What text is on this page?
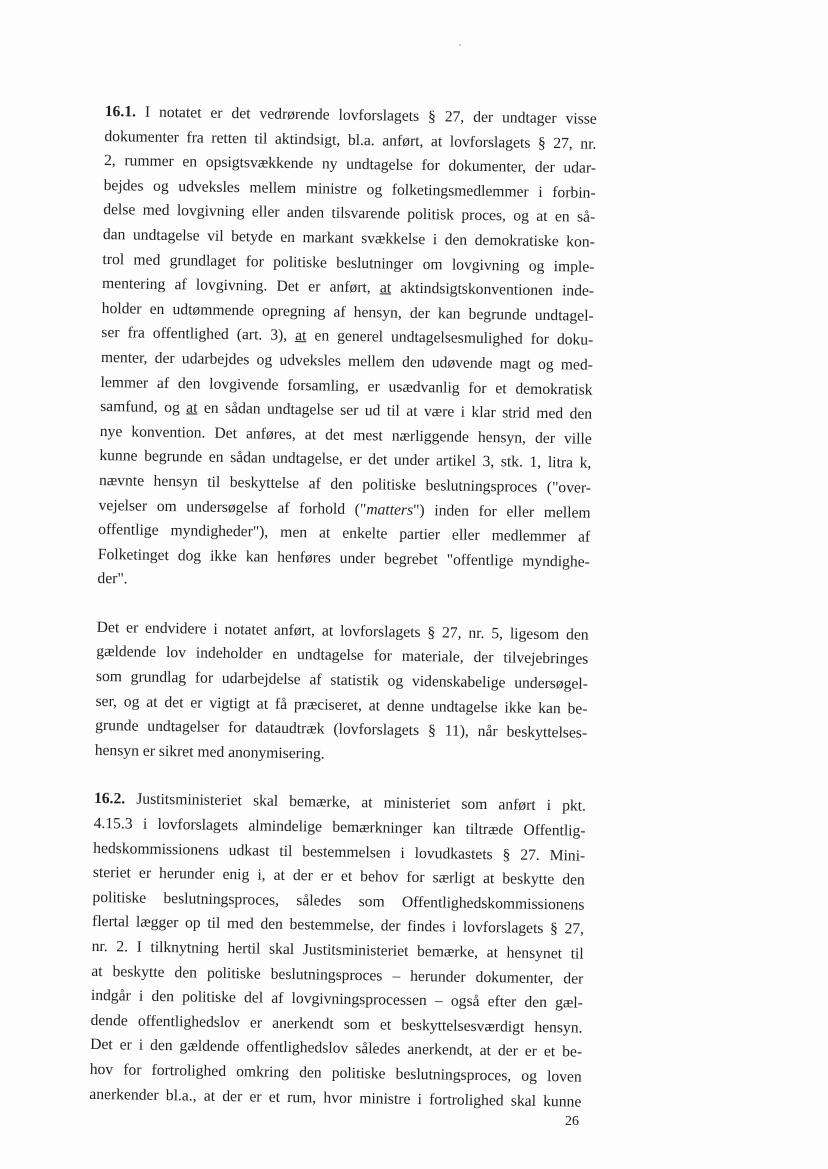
16.1. I notatet er det vedrørende lovforslagets § 27, der undtager visse
dokumenter fra retten til aktindsigt, bl.a. anført, at lovforslagets § 27, nr.
2, rummer en opsigtsvækkende ny undtagelse for dokumenter, der udar-
bejdes og udveksles mellem ministre og folketingsmedlemmer i forbin-
delse med lovgivning eller anden tilsvarende politisk proces, og at en så-
dan undtagelse vil betyde en markant svækkelse i den demokratiske kon-
trol med grundlaget for politiske beslutninger om lovgivning og imple-
mentering af lovgivning. Det er anført, at aktindsigtskonventionen inde-
holder en udtømmende opregning af hensyn, der kan begrunde undtagel-
ser fra offentlighed (art. 3), at en generel undtagelsesmulighed for doku-
menter, der udarbejdes og udveksles mellem den udøvende magt og med-
lemmer af den lovgivende forsamling, er usædvanlig for et demokratisk
samfund, og at en sådan undtagelse ser ud til at være i klar strid med den
nye konvention. Det anføres, at det mest nærliggende hensyn, der ville
kunne begrunde en sådan undtagelse, er det under artikel 3, stk. 1, litra k,
nævnte hensyn til beskyttelse af den politiske beslutningsproces ("over-
vejelser om undersøgelse af forhold ("matters") inden for eller mellem
offentlige myndigheder"), men at enkelte partier eller medlemmer af
Folketinget dog ikke kan henføres under begrebet "offentlige myndighe-
der".
Det er endvidere i notatet anført, at lovforslagets § 27, nr. 5, ligesom den
gældende lov indeholder en undtagelse for materiale, der tilvejebringes
som grundlag for udarbejdelse af statistik og videnskabelige undersøgel-
ser, og at det er vigtigt at få præciseret, at denne undtagelse ikke kan be-
grunde undtagelser for dataudtræk (lovforslagets § 11), når beskyttelses-
hensyn er sikret med anonymisering.
16.2. Justitsministeriet skal bemærke, at ministeriet som anført i pkt.
4.15.3 i lovforslagets almindelige bemærkninger kan tiltræde Offentlig-
hedskommissionens udkast til bestemmelsen i lovudkastets § 27. Mini-
steriet er herunder enig i, at der er et behov for særligt at beskytte den
politiske beslutningsproces, således som Offentlighedskommissionens
flertal lægger op til med den bestemmelse, der findes i lovforslagets § 27,
nr. 2. I tilknytning hertil skal Justitsministeriet bemærke, at hensynet til
at beskytte den politiske beslutningsproces – herunder dokumenter, der
indgår i den politiske del af lovgivningsprocessen – også efter den gæl-
dende offentlighedslov er anerkendt som et beskyttelsesværdigt hensyn.
Det er i den gældende offentlighedslov således anerkendt, at der er et be-
hov for fortrolighed omkring den politiske beslutningsproces, og loven
anerkender bl.a., at der er et rum, hvor ministre i fortrolighed skal kunne
26
